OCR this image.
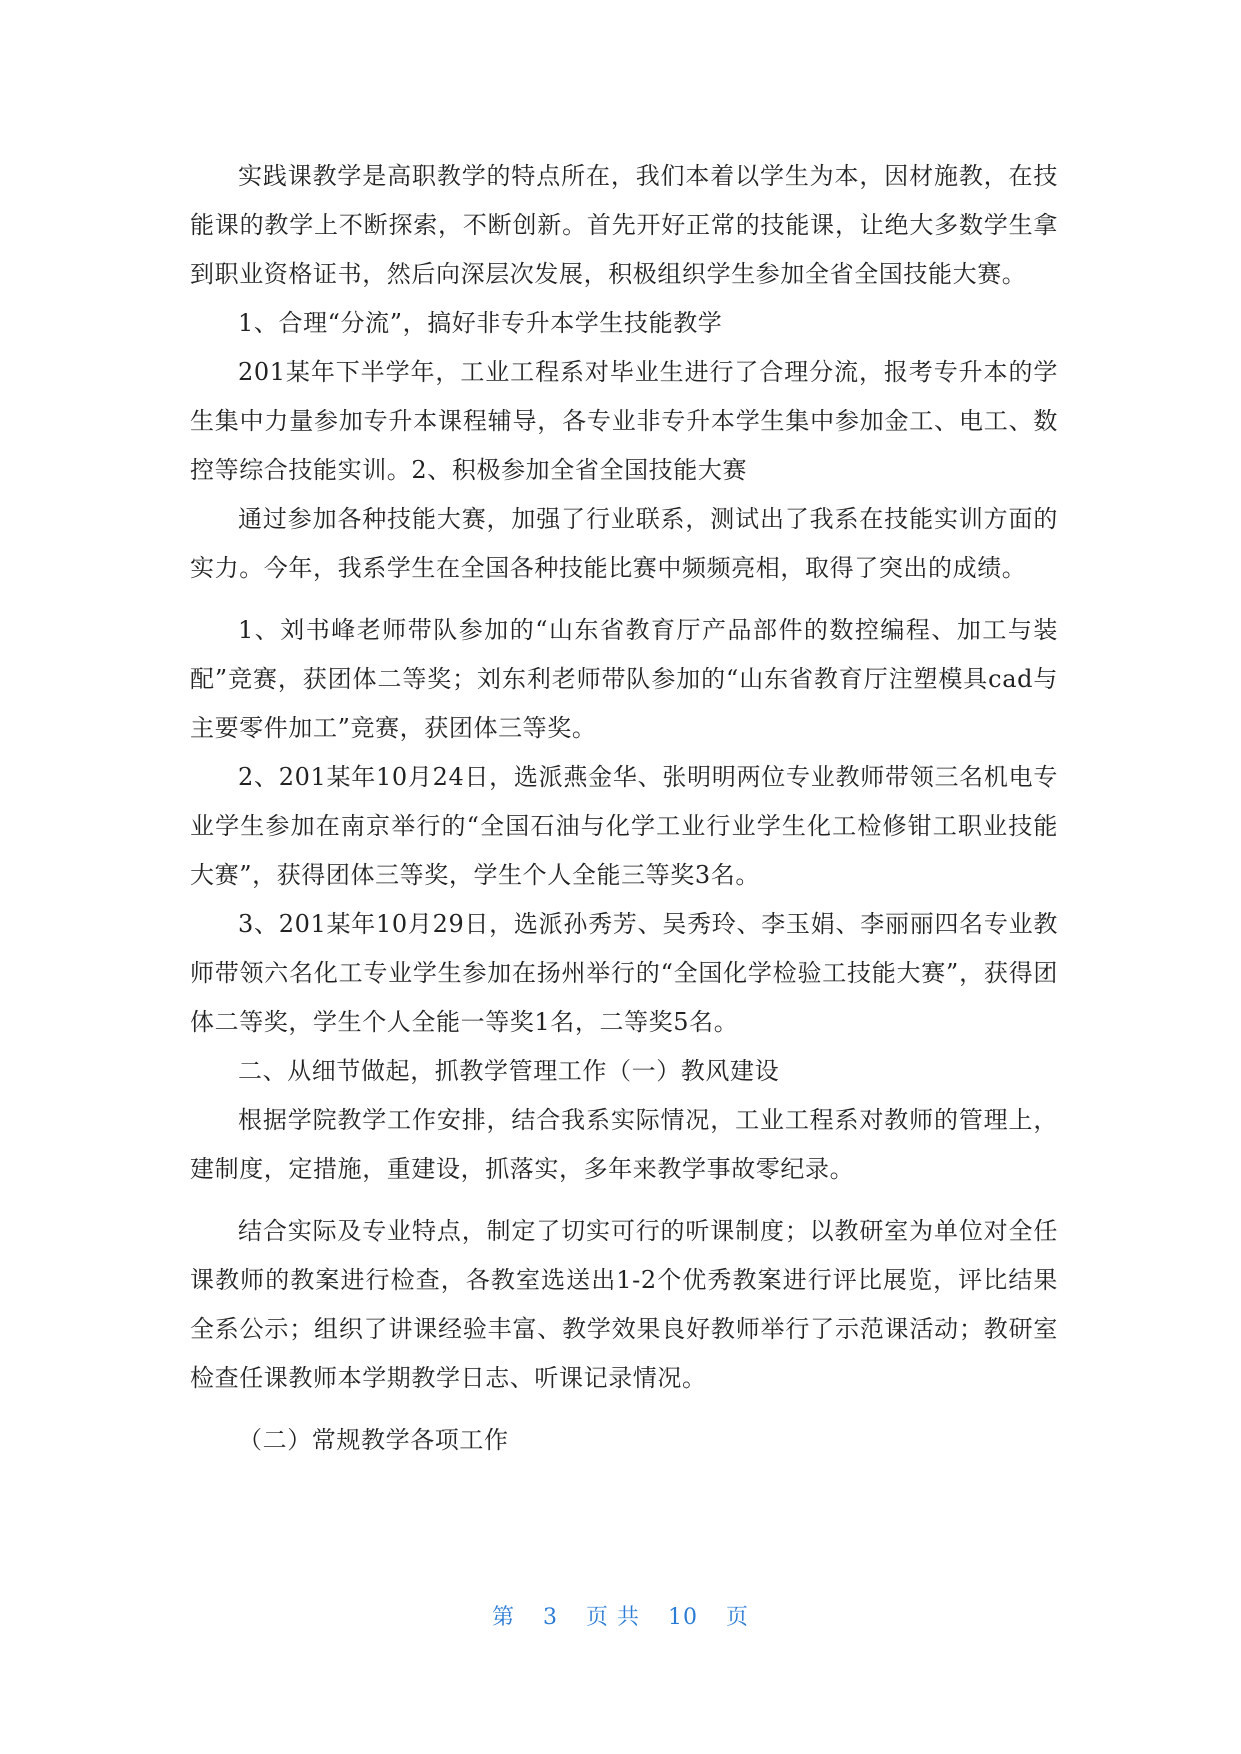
实践课教学是高职教学的特点所在，我们本着以学生为本，因材施教，在技能课的教学上不断探索，不断创新。首先开好正常的技能课，让绝大多数学生拿到职业资格证书，然后向深层次发展，积极组织学生参加全省全国技能大赛。

1、合理“分流”，搞好非专升本学生技能教学

201某年下半学年，工业工程系对毕业生进行了合理分流，报考专升本的学生集中力量参加专升本课程辅导，各专业非专升本学生集中参加金工、电工、数控等综合技能实训。2、积极参加全省全国技能大赛

通过参加各种技能大赛，加强了行业联系，测试出了我系在技能实训方面的实力。今年，我系学生在全国各种技能比赛中频频亮相，取得了突出的成绩。

1、刘书峰老师带队参加的“山东省教育厅产品部件的数控编程、加工与装配”竞赛，获团体二等奖；刘东利老师带队参加的“山东省教育厅注塑模具cad与主要零件加工”竞赛，获团体三等奖。

2、201某年10月24日，选派燕金华、张明明两位专业教师带领三名机电专业学生参加在南京举行的“全国石油与化学工业行业学生化工检修钳工职业技能大赛”，获得团体三等奖，学生个人全能三等奖3名。

3、201某年10月29日，选派孙秀芳、吴秀玲、李玉娟、李丽丽四名专业教师带领六名化工专业学生参加在扬州举行的“全国化学检验工技能大赛”，获得团体二等奖，学生个人全能一等奖1名，二等奖5名。

二、从细节做起，抓教学管理工作（一）教风建设

根据学院教学工作安排，结合我系实际情况，工业工程系对教师的管理上，建制度，定措施，重建设，抓落实，多年来教学事故零纪录。

结合实际及专业特点，制定了切实可行的听课制度；以教研室为单位对全任课教师的教案进行检查，各教室选送出1-2个优秀教案进行评比展览，评比结果全系公示；组织了讲课经验丰富、教学效果良好教师举行了示范课活动；教研室检查任课教师本学期教学日志、听课记录情况。

（二）常规教学各项工作

第 3 页 共 10 页
